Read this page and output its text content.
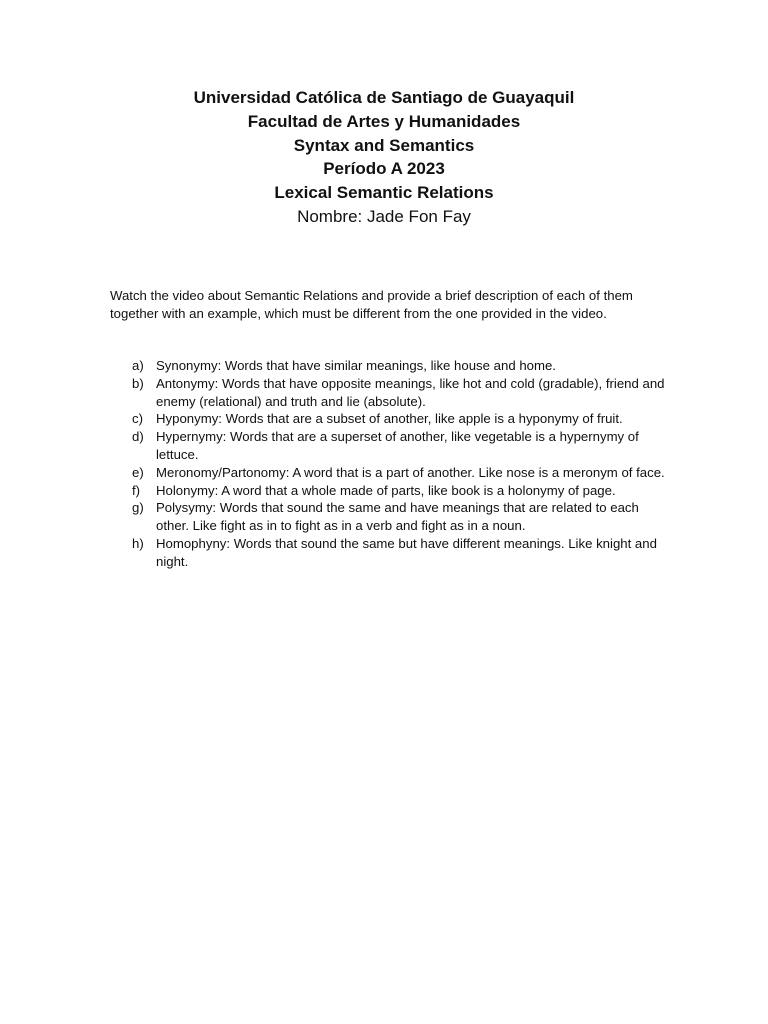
Universidad Católica de Santiago de Guayaquil
Facultad de Artes y Humanidades
Syntax and Semantics
Período A 2023
Lexical Semantic Relations
Nombre: Jade Fon Fay

Watch the video about Semantic Relations and provide a brief description of each of them together with an example, which must be different from the one provided in the video.

a) Synonymy: Words that have similar meanings, like house and home.
b) Antonymy: Words that have opposite meanings, like hot and cold (gradable), friend and enemy (relational) and truth and lie (absolute).
c) Hyponymy: Words that are a subset of another, like apple is a hyponymy of fruit.
d) Hypernymy: Words that are a superset of another, like vegetable is a hypernymy of lettuce.
e) Meronomy/Partonomy: A word that is a part of another. Like nose is a meronym of face.
f)	Holonymy: A word that a whole made of parts, like book is a holonymy of page.
g) Polysymy: Words that sound the same and have meanings that are related to each other. Like fight as in to fight as in a verb and fight as in a noun.
h) Homophyny: Words that sound the same but have different meanings. Like knight and night.
